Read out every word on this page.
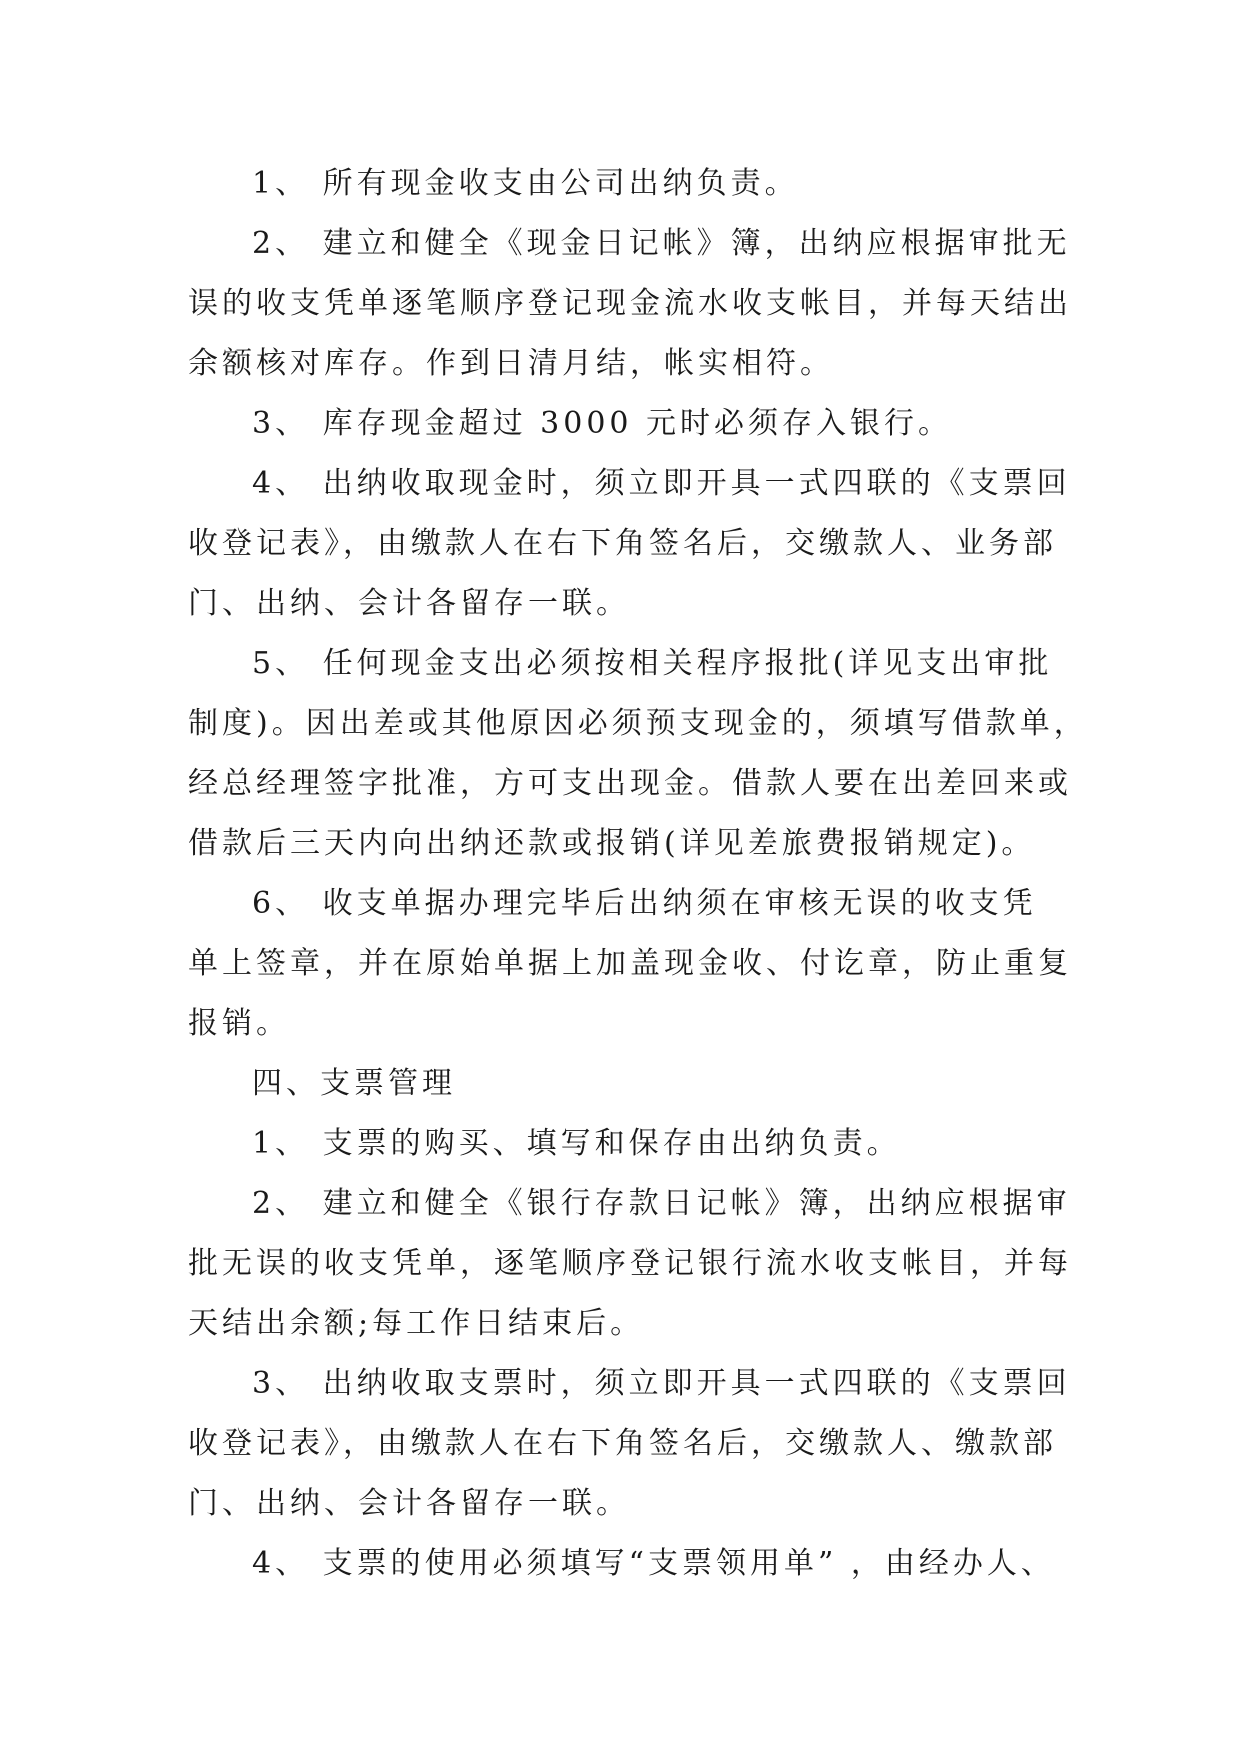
1、 所有现金收支由公司出纳负责。

2、 建立和健全《现金日记帐》簿，出纳应根据审批无

误的收支凭单逐笔顺序登记现金流水收支帐目，并每天结出

余额核对库存。作到日清月结，帐实相符。

3、 库存现金超过 3000 元时必须存入银行。

4、 出纳收取现金时，须立即开具一式四联的《支票回

收登记表》，由缴款人在右下角签名后，交缴款人、业务部

门、出纳、会计各留存一联。

5、 任何现金支出必须按相关程序报批(详见支出审批

制度)。因出差或其他原因必须预支现金的，须填写借款单，

经总经理签字批准，方可支出现金。借款人要在出差回来或

借款后三天内向出纳还款或报销(详见差旅费报销规定)。

6、 收支单据办理完毕后出纳须在审核无误的收支凭

单上签章，并在原始单据上加盖现金收、付讫章，防止重复

报销。

四、支票管理

1、 支票的购买、填写和保存由出纳负责。

2、 建立和健全《银行存款日记帐》簿，出纳应根据审

批无误的收支凭单，逐笔顺序登记银行流水收支帐目，并每

天结出余额;每工作日结束后。

3、 出纳收取支票时，须立即开具一式四联的《支票回

收登记表》，由缴款人在右下角签名后，交缴款人、缴款部

门、出纳、会计各留存一联。

4、 支票的使用必须填写“支票领用单” ，由经办人、
